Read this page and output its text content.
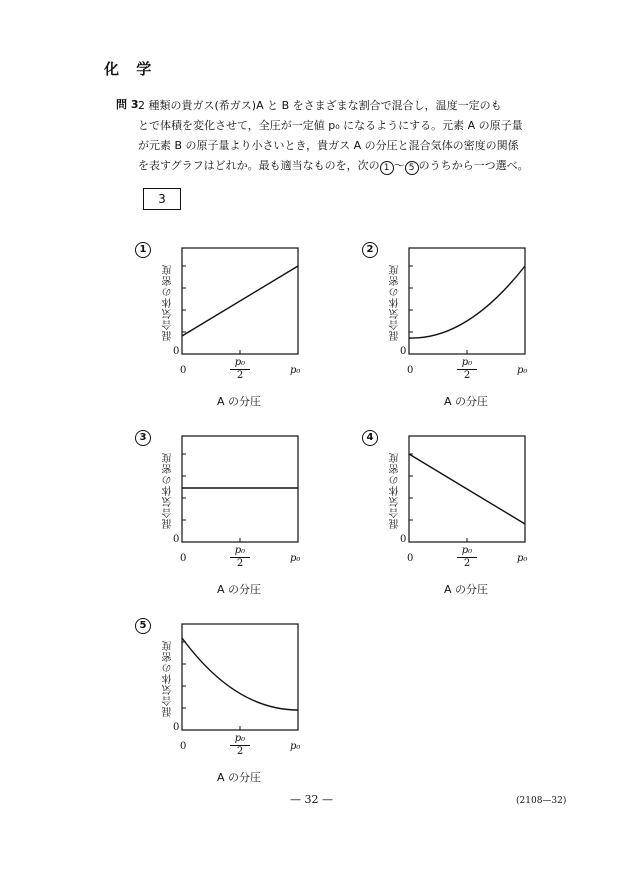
化 学
問 3 2 種類の貴ガス(希ガス)A と B をさまざまな割合で混合し，温度一定のも
とで体積を変化させて，全圧が一定値 p₀ になるようにする。元素 A の原子量
が元素 B の原子量より小さいとき，貴ガス A の分圧と混合気体の密度の関係
を表すグラフはどれか。最も適当なものを，次の 1 〜 5 のうちから一つ選べ。
3
1
混合気体の密度
0
0	$\frac{\text{p₀}}{2}$	p₀
A の分圧
2
混合気体の密度
0
0	$\frac{\text{p₀}}{2}$	p₀
A の分圧
3
混合気体の密度
0
0	$\frac{\text{p₀}}{2}$	p₀
A の分圧
4
混合気体の密度
0
0	$\frac{\text{p₀}}{2}$	p₀
A の分圧
5
混合気体の密度
0
0	$\frac{\text{p₀}}{2}$	p₀
A の分圧
— 32 —	(2108—32)
